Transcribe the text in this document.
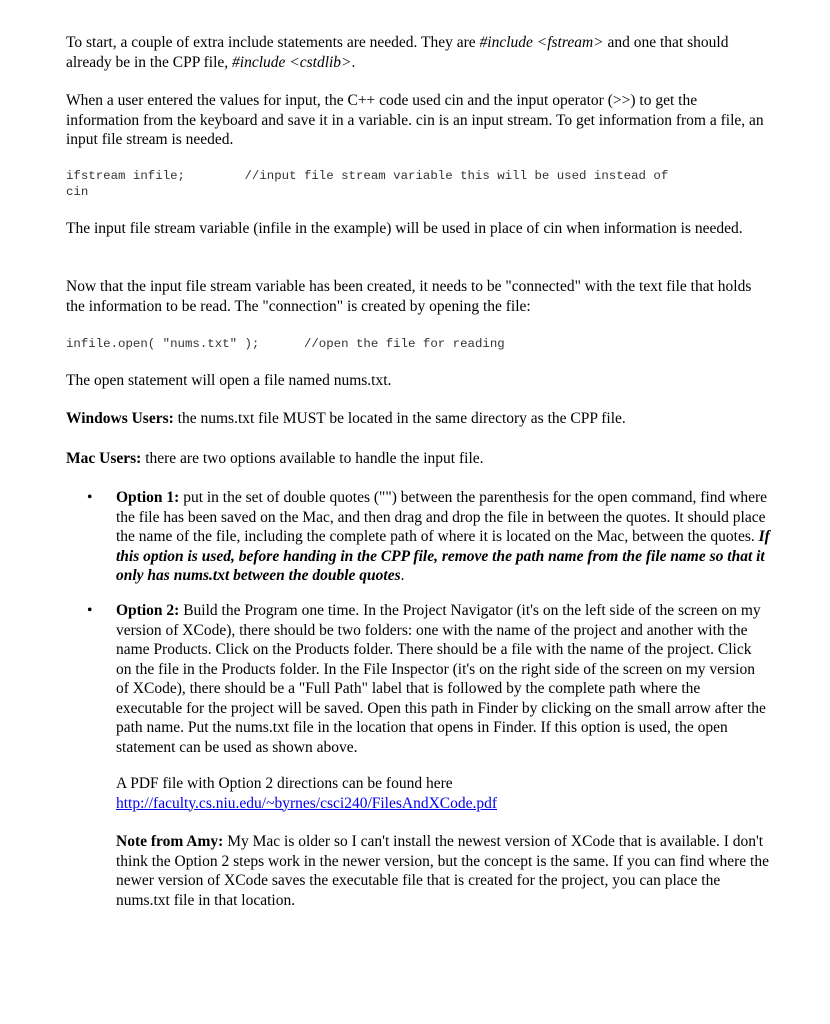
To start, a couple of extra include statements are needed. They are #include <fstream> and one that should already be in the CPP file, #include <cstdlib>.

When a user entered the values for input, the C++ code used cin and the input operator (>>) to get the information from the keyboard and save it in a variable. cin is an input stream. To get information from a file, an input file stream is needed.

ifstream infile;        //input file stream variable this will be used instead of
cin

The input file stream variable (infile in the example) will be used in place of cin when information is needed.

Now that the input file stream variable has been created, it needs to be "connected" with the text file that holds the information to be read. The "connection" is created by opening the file:

infile.open( "nums.txt" );      //open the file for reading

The open statement will open a file named nums.txt.

Windows Users: the nums.txt file MUST be located in the same directory as the CPP file.

Mac Users: there are two options available to handle the input file.

• Option 1: put in the set of double quotes ("") between the parenthesis for the open command, find where the file has been saved on the Mac, and then drag and drop the file in between the quotes. It should place the name of the file, including the complete path of where it is located on the Mac, between the quotes. If this option is used, before handing in the CPP file, remove the path name from the file name so that it only has nums.txt between the double quotes.

• Option 2: Build the Program one time. In the Project Navigator (it's on the left side of the screen on my version of XCode), there should be two folders: one with the name of the project and another with the name Products. Click on the Products folder. There should be a file with the name of the project. Click on the file in the Products folder. In the File Inspector (it's on the right side of the screen on my version of XCode), there should be a "Full Path" label that is followed by the complete path where the executable for the project will be saved. Open this path in Finder by clicking on the small arrow after the path name. Put the nums.txt file in the location that opens in Finder. If this option is used, the open statement can be used as shown above.

A PDF file with Option 2 directions can be found here
http://faculty.cs.niu.edu/~byrnes/csci240/FilesAndXCode.pdf

Note from Amy: My Mac is older so I can't install the newest version of XCode that is available. I don't think the Option 2 steps work in the newer version, but the concept is the same. If you can find where the newer version of XCode saves the executable file that is created for the project, you can place the nums.txt file in that location.
